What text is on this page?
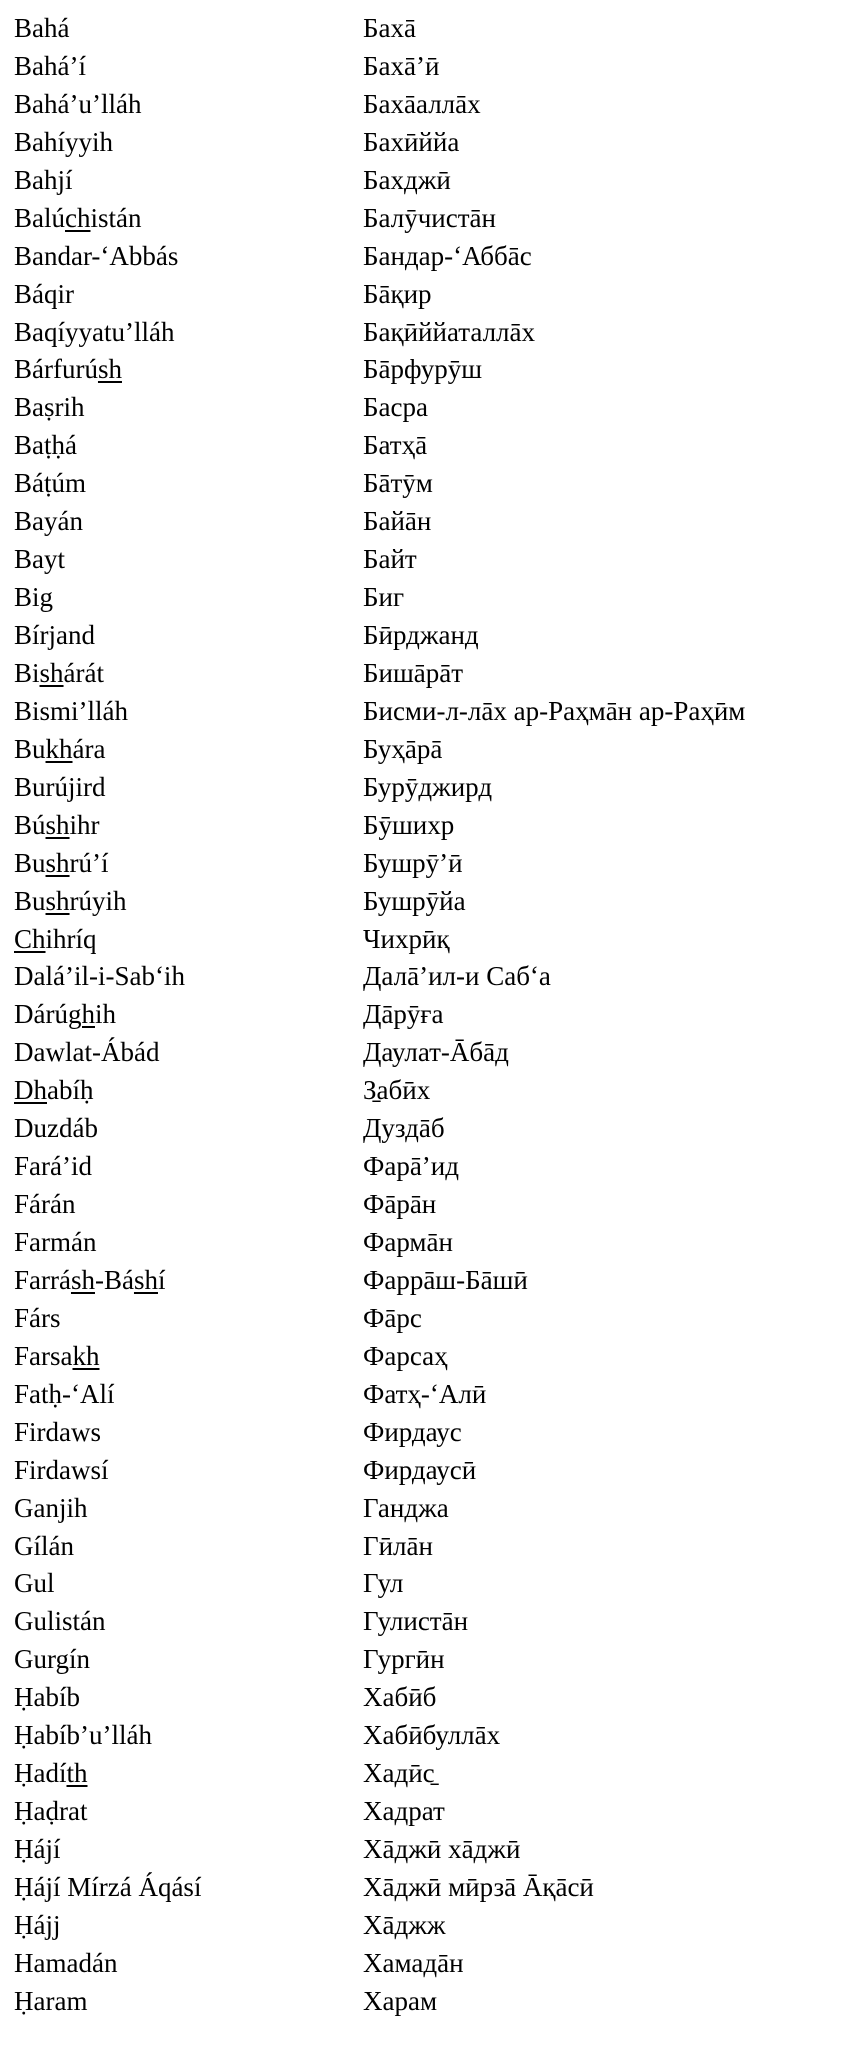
Bahá	Бахā
Bahá’í	Бахā’ӣ
Bahá’u’lláh	Бахāаллāх
Bahíyyih	Бахӣййа
Bahjí	Бахджӣ
Balúchistán	Балӯчистāн
Bandar-‘Abbás	Бандар-‘Аббāс
Báqir	Бāқир
Baqíyyatu’lláh	Бақӣййаталлāх
Bárfurúsh	Бāрфурӯш
Baṣrih	Басра
Baṭḥá	Батҳā
Báṭúm	Бāтӯм
Bayán	Байāн
Bayt	Байт
Big	Биг
Bírjand	Бӣрджанд
Bishárát	Бишāрāт
Bismi’lláh	Бисми-л-лāх ар-Раҳмāн ар-Раҳӣм
Bukhára	Буҳāрā
Burújird	Бурӯджирд
Búshihr	Бӯшихр
Bushrú’í	Бушрӯ’ӣ
Bushrúyih	Бушрӯйа
Chihríq	Чихрӣқ
Dalá’il-i-Sab‘ih	Далā’ил-и Саб‘а
Dárúghih	Дāрӯға
Dawlat-Ábád	Даулат-Āбāд
Dhabíḥ	З̱абӣх
Duzdáb	Дуздāб
Fará’id	Фарā’ид
Fárán	Фāрāн
Farmán	Фармāн
Farrásh-Báshí	Фаррāш-Бāшӣ
Fárs	Фāрс
Farsakh	Фарсаҳ
Fatḥ-‘Alí	Фатҳ-‘Алӣ
Firdaws	Фирдаус
Firdawsí	Фирдаусӣ
Ganjih	Ганджа
Gílán	Гӣлāн
Gul	Гул
Gulistán	Гулистāн
Gurgín	Гургӣн
Ḥabíb	Хабӣб
Ḥabíb’u’lláh	Хабӣбуллāх
Ḥadíth	Хадӣс̱
Ḥaḍrat	Хадрат
Ḥájí	Хāджӣ хāджӣ
Ḥájí Mírzá Áqásí	Хāджӣ мӣрзā Āқāсӣ
Ḥájj	Хāджж
Hamadán	Хамадāн
Ḥaram	Харам
